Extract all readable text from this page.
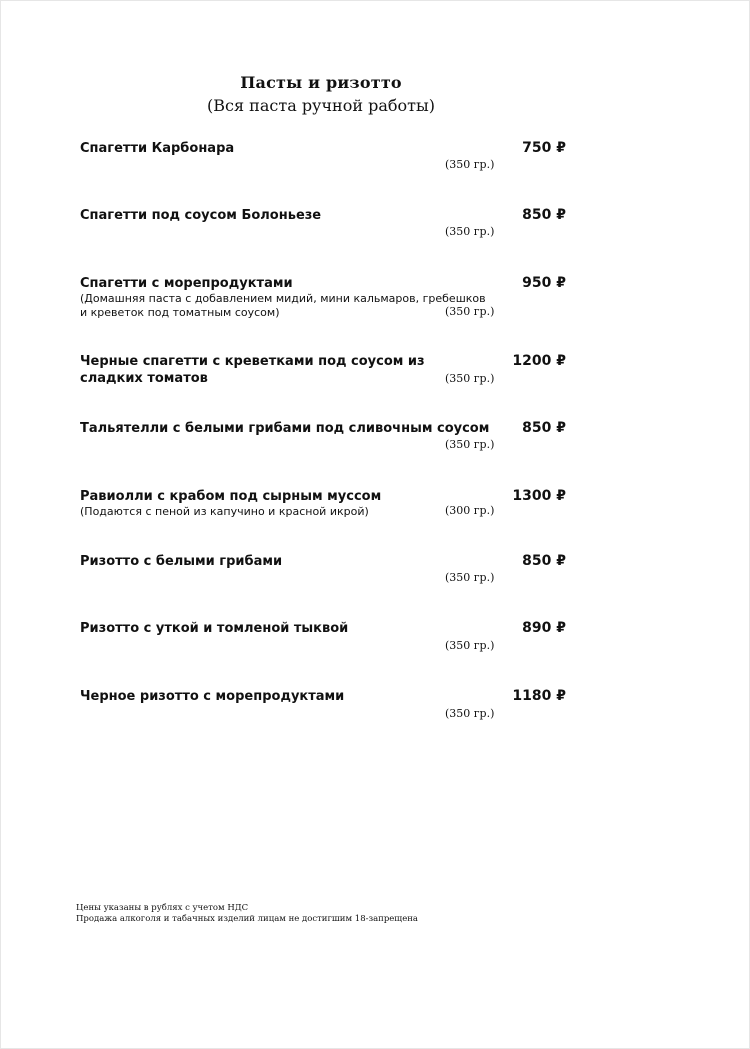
Пасты и ризотто
(Вся паста ручной работы)
Спагетти Карбонара	750 ₽
(350 гр.)
Спагетти под соусом Болоньезе	850 ₽
(350 гр.)
Спагетти с морепродуктами	950 ₽
(Домашняя паста с добавлением мидий, мини кальмаров, гребешков и креветок под томатным соусом)	(350 гр.)
Черные спагетти с креветками под соусом из сладких томатов
1200 ₽
(350 гр.)
Тальятелли с белыми грибами под сливочным соусом	850 ₽
(350 гр.)
Равиолли с крабом под сырным муссом	1300 ₽
(Подаются с пеной из капучино и красной икрой)	(300 гр.)
Ризотто с белыми грибами	850 ₽
(350 гр.)
Ризотто с уткой и томленой тыквой	890 ₽
(350 гр.)
Черное ризотто с морепродуктами	1180 ₽
(350 гр.)
Цены указаны в рублях с учетом НДС
Продажа алкоголя и табачных изделий лицам не достигшим 18-запрещена
